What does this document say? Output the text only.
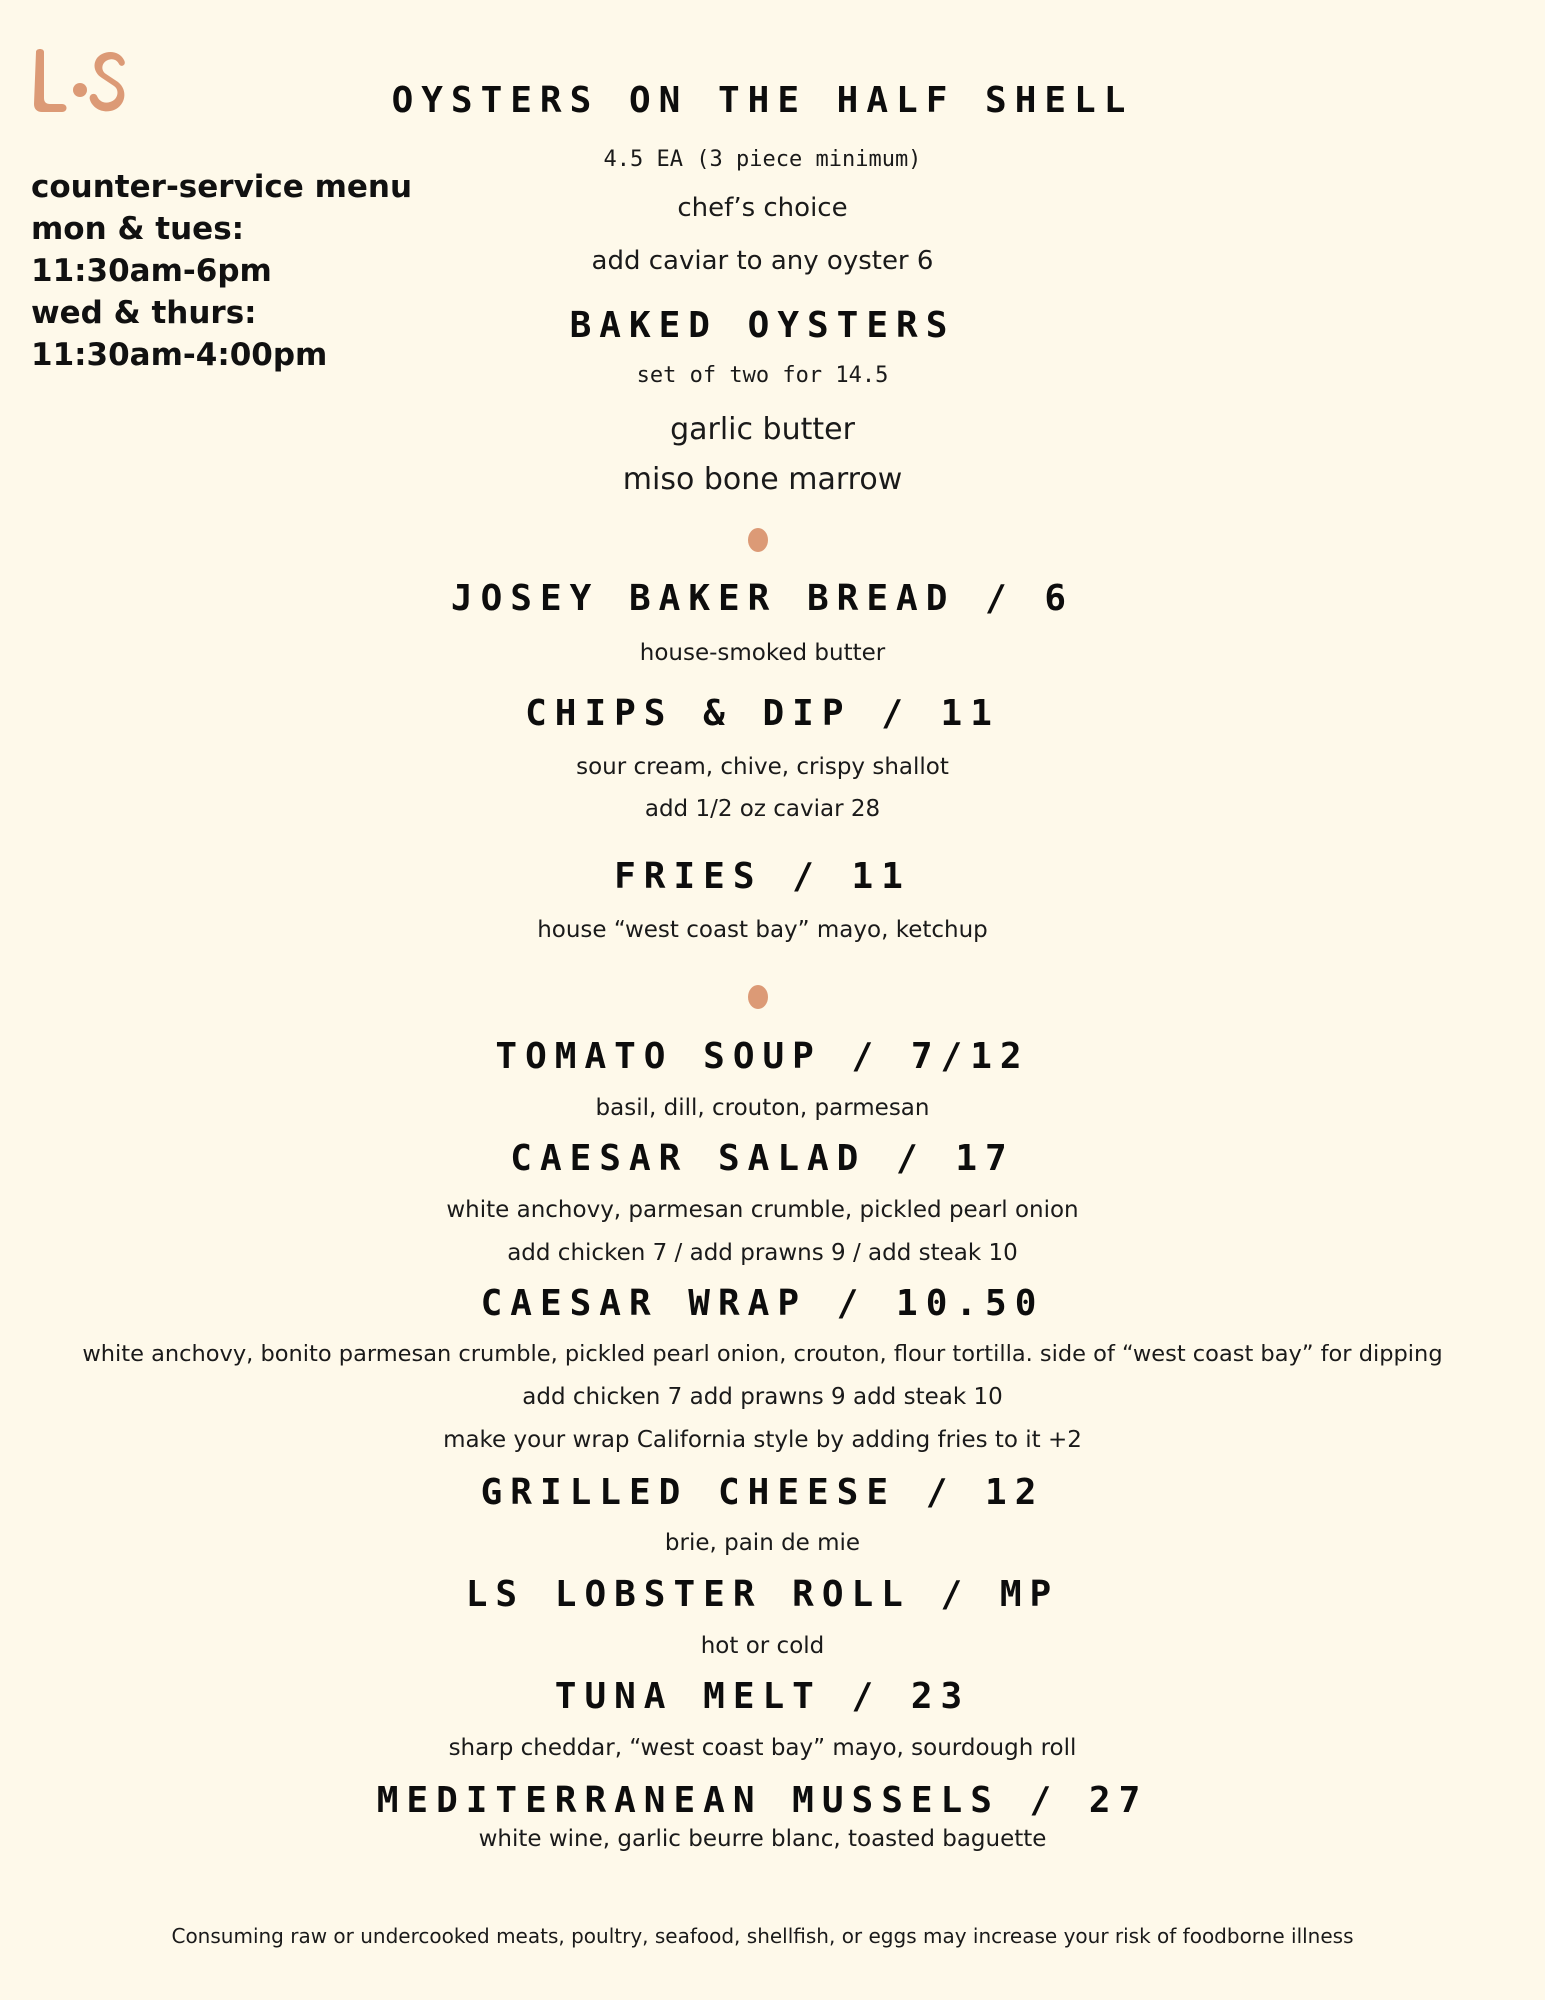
counter-service menu
mon & tues:
11:30am-6pm
wed & thurs:
11:30am-4:00pm
OYSTERS ON THE HALF SHELL
4.5 EA (3 piece minimum)
chef’s choice
add caviar to any oyster 6
BAKED OYSTERS
set of two for 14.5
garlic butter
miso bone marrow
JOSEY BAKER BREAD / 6
house-smoked butter
CHIPS & DIP / 11
sour cream, chive, crispy shallot
add 1/2 oz caviar 28
FRIES / 11
house “west coast bay” mayo, ketchup
TOMATO SOUP / 7/12
basil, dill, crouton, parmesan
CAESAR SALAD / 17
white anchovy, parmesan crumble, pickled pearl onion
add chicken 7 / add prawns 9 / add steak 10
CAESAR WRAP / 10.50
white anchovy, bonito parmesan crumble, pickled pearl onion, crouton, flour tortilla. side of “west coast bay” for dipping
add chicken 7 add prawns 9 add steak 10
make your wrap California style by adding fries to it +2
GRILLED CHEESE / 12
brie, pain de mie
LS LOBSTER ROLL / MP
hot or cold
TUNA MELT / 23
sharp cheddar, “west coast bay” mayo, sourdough roll
MEDITERRANEAN MUSSELS / 27
white wine, garlic beurre blanc, toasted baguette
Consuming raw or undercooked meats, poultry, seafood, shellfish, or eggs may increase your risk of foodborne illness
